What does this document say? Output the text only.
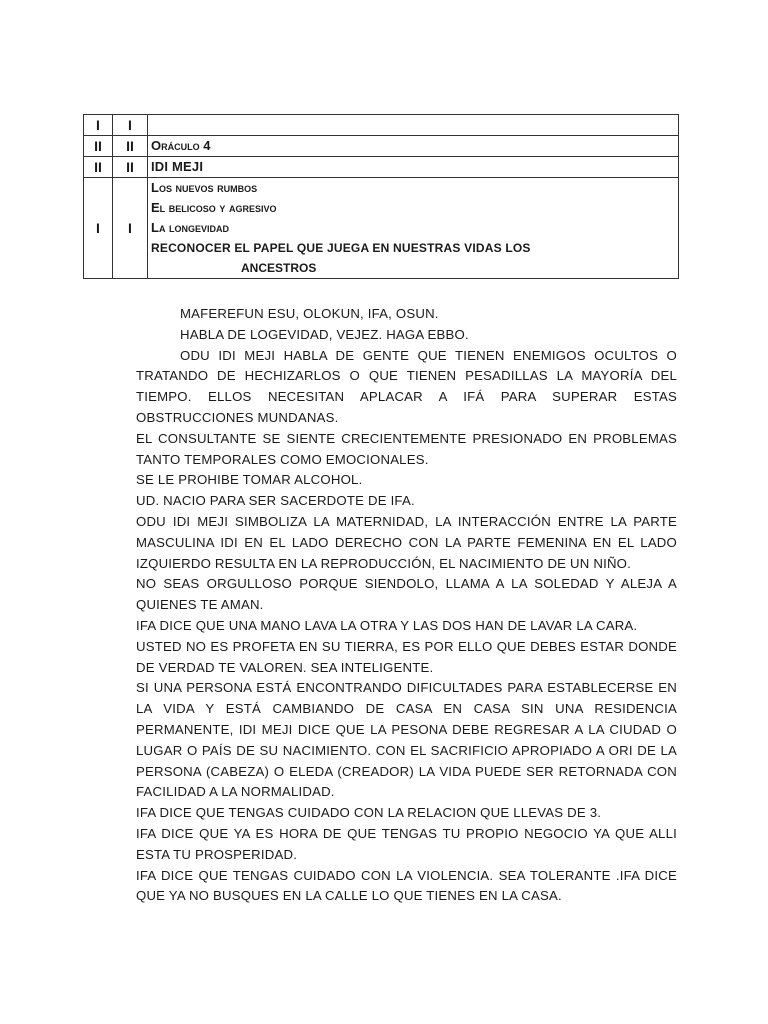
I	I	
II	II	Oráculo 4
II	II	IDI MEJI
I	I	Los nuevos rumbos
El belicoso y agresivo
La longevidad
RECONOCER EL PAPEL QUE JUEGA EN NUESTRAS VIDAS LOS
ANCESTROS

MAFEREFUN ESU, OLOKUN, IFA, OSUN.

HABLA DE LOGEVIDAD, VEJEZ. HAGA EBBO.

ODU IDI MEJI HABLA DE GENTE QUE TIENEN ENEMIGOS OCULTOS O TRATANDO DE HECHIZARLOS O QUE TIENEN PESADILLAS LA MAYORÍA DEL TIEMPO. ELLOS NECESITAN APLACAR A IFÁ PARA SUPERAR ESTAS OBSTRUCCIONES MUNDANAS.

EL CONSULTANTE SE SIENTE CRECIENTEMENTE PRESIONADO EN PROBLEMAS TANTO TEMPORALES COMO EMOCIONALES.

SE LE PROHIBE TOMAR ALCOHOL.

UD. NACIO PARA SER SACERDOTE DE IFA.

ODU IDI MEJI SIMBOLIZA LA MATERNIDAD, LA INTERACCIÓN ENTRE LA PARTE MASCULINA IDI EN EL LADO DERECHO CON LA PARTE FEMENINA EN EL LADO IZQUIERDO RESULTA EN LA REPRODUCCIÓN, EL NACIMIENTO DE UN NIÑO.

NO SEAS ORGULLOSO PORQUE SIENDOLO, LLAMA A LA SOLEDAD Y ALEJA A QUIENES TE AMAN.

IFA DICE QUE UNA MANO LAVA LA OTRA Y LAS DOS HAN DE LAVAR LA CARA.

USTED NO ES PROFETA EN SU TIERRA, ES POR ELLO QUE DEBES ESTAR DONDE DE VERDAD TE VALOREN. SEA INTELIGENTE.

SI UNA PERSONA ESTÁ ENCONTRANDO DIFICULTADES PARA ESTABLECERSE EN LA VIDA Y ESTÁ CAMBIANDO DE CASA EN CASA SIN UNA RESIDENCIA PERMANENTE, IDI MEJI DICE QUE LA PESONA DEBE REGRESAR A LA CIUDAD O LUGAR O PAÍS DE SU NACIMIENTO. CON EL SACRIFICIO APROPIADO A ORI DE LA PERSONA (CABEZA) O ELEDA (CREADOR) LA VIDA PUEDE SER RETORNADA CON FACILIDAD A LA NORMALIDAD.

IFA DICE QUE TENGAS CUIDADO CON LA RELACION QUE LLEVAS DE 3.

IFA DICE QUE YA ES HORA DE QUE TENGAS TU PROPIO NEGOCIO YA QUE ALLI ESTA TU PROSPERIDAD.

IFA DICE QUE TENGAS CUIDADO CON LA VIOLENCIA. SEA TOLERANTE .IFA DICE QUE YA NO BUSQUES EN LA CALLE LO QUE TIENES EN LA CASA.
